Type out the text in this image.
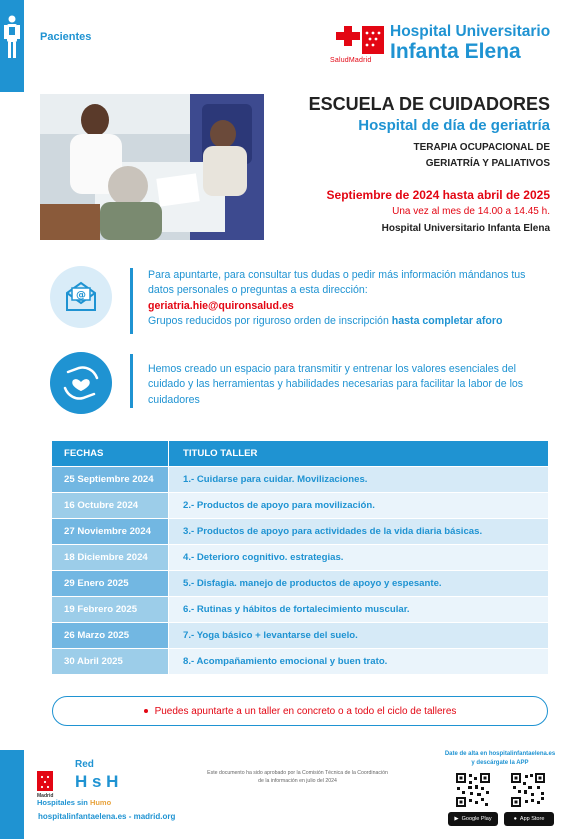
Pacientes
SaludMadrid
Hospital Universitario
Infanta Elena
ESCUELA DE CUIDADORES
Hospital de día de geriatría
TERAPIA OCUPACIONAL DE
GERIATRÍA Y PALIATIVOS
Septiembre de 2024 hasta abril de 2025
Una vez al mes de 14.00 a 14.45 h.
Hospital Universitario Infanta Elena
@
Para apuntarte, para consultar tus dudas o pedir más información mándanos tus datos personales o preguntas a esta dirección:
geriatria.hie@quironsalud.es
Grupos reducidos por riguroso orden de inscripción hasta completar aforo
Hemos creado un espacio para transmitir y entrenar los valores esenciales del cuidado y las herramientas y habilidades necesarias para facilitar la labor de los cuidadores
FECHAS	TITULO TALLER
25 Septiembre 2024	1.- Cuidarse para cuidar. Movilizaciones.
16 Octubre 2024	2.- Productos de apoyo para movilización.
27 Noviembre 2024	3.- Productos de apoyo para actividades de la vida diaria básicas.
18 Diciembre 2024	4.- Deterioro cognitivo. estrategias.
29 Enero 2025	5.- Disfagia. manejo de productos de apoyo y espesante.
19 Febrero 2025	6.- Rutinas y hábitos de fortalecimiento muscular.
26 Marzo 2025	7.- Yoga básico + levantarse del suelo.
30 Abril 2025	8.- Acompañamiento emocional y buen trato.
Puedes apuntarte a un taller en concreto o a todo el ciclo de talleres
Red
H s H
Madrid
Hospitales sin Humo
hospitalinfantaelena.es - madrid.org
Este documento ha sido aprobado por la Comisión Técnica de la Coordinación
de la información en julio del 2024
Date de alta en hospitalinfantaelena.es
y descárgate la APP
▶ Google Play	● App Store
